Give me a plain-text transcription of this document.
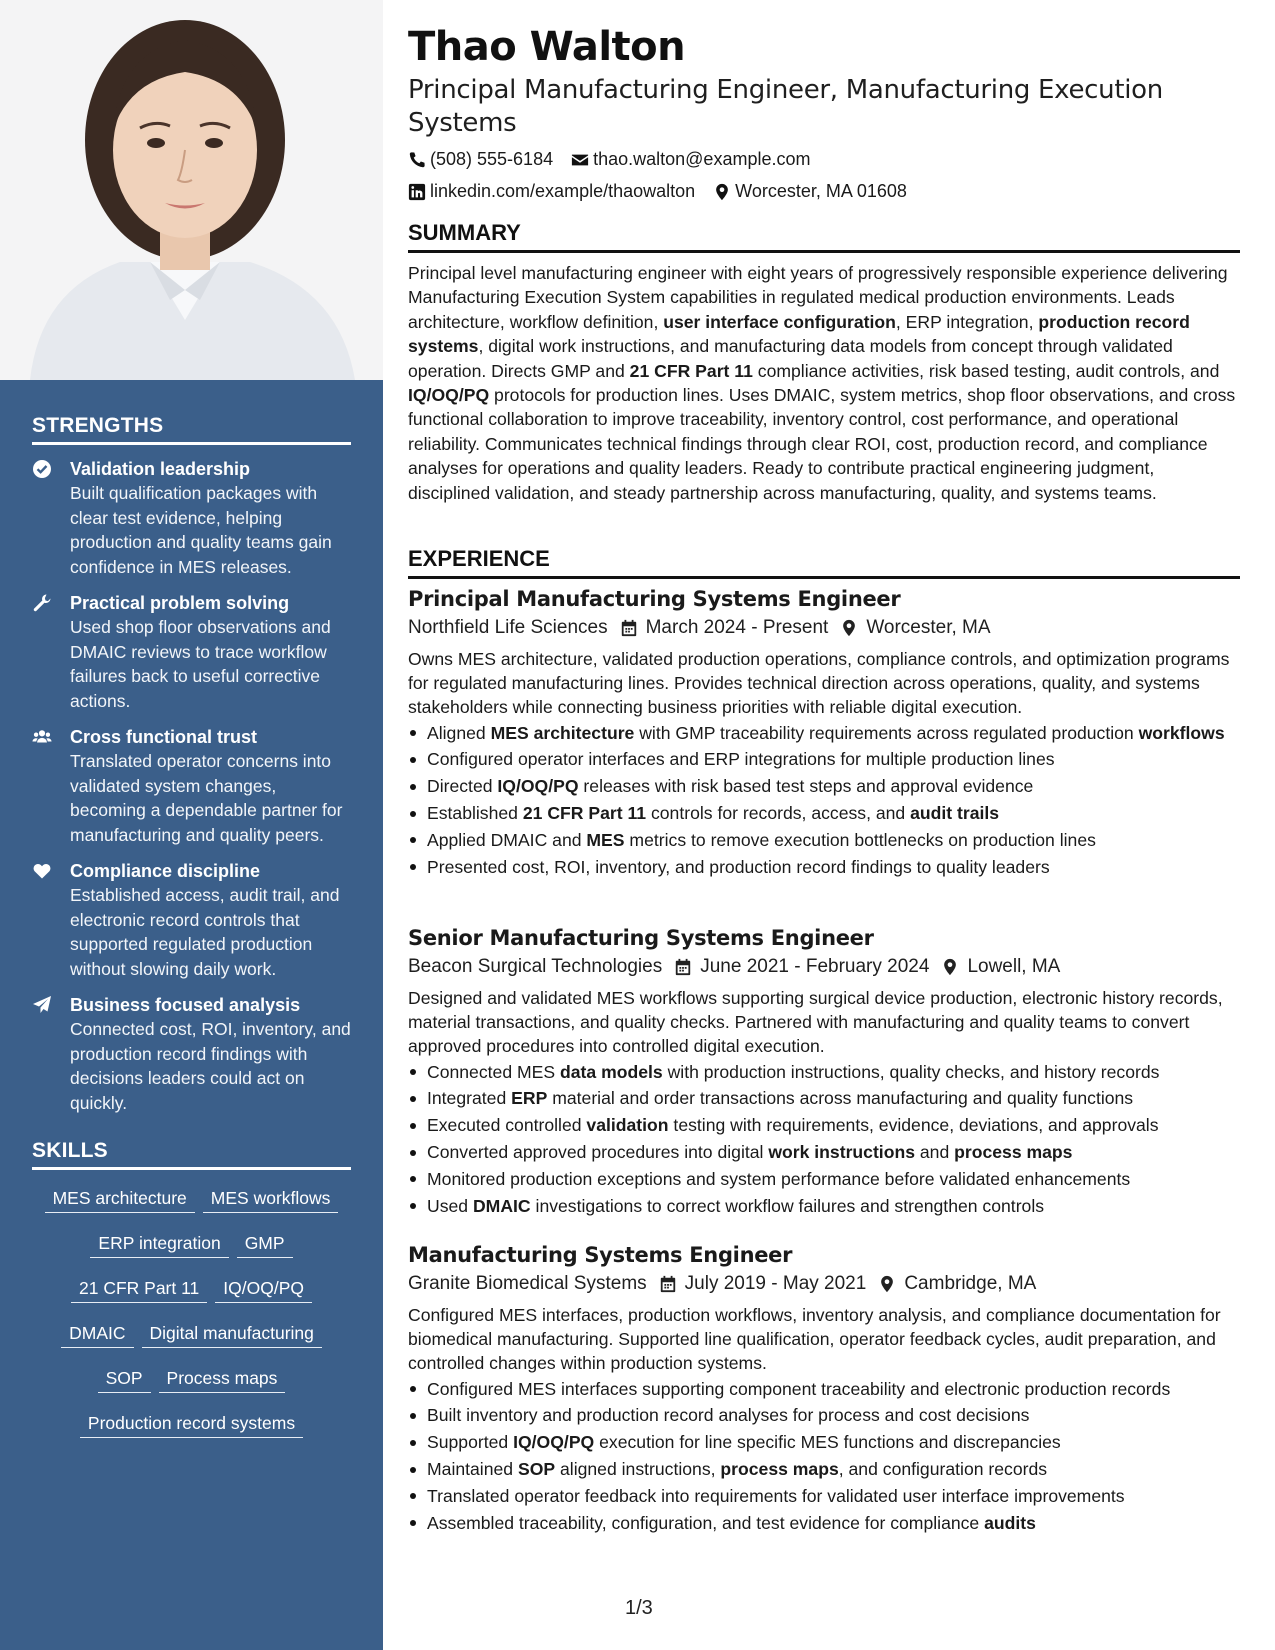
STRENGTHS
Validation leadership
Built qualification packages with clear test evidence, helping production and quality teams gain confidence in MES releases.
Practical problem solving
Used shop floor observations and DMAIC reviews to trace workflow failures back to useful corrective actions.
Cross functional trust
Translated operator concerns into validated system changes, becoming a dependable partner for manufacturing and quality peers.
Compliance discipline
Established access, audit trail, and electronic record controls that supported regulated production without slowing daily work.
Business focused analysis
Connected cost, ROI, inventory, and production record findings with decisions leaders could act on quickly.
SKILLS
MES architecture	MES workflows
ERP integration	GMP
21 CFR Part 11	IQ/OQ/PQ
DMAIC	Digital manufacturing
SOP	Process maps
Production record systems
Thao Walton
Principal Manufacturing Engineer, Manufacturing Execution Systems
(508) 555-6184 thao.walton@example.com
linkedin.com/example/thaowalton Worcester, MA 01608
SUMMARY
Principal level manufacturing engineer with eight years of progressively responsible experience delivering Manufacturing Execution System capabilities in regulated medical production environments. Leads architecture, workflow definition, user interface configuration, ERP integration, production record systems, digital work instructions, and manufacturing data models from concept through validated operation. Directs GMP and 21 CFR Part 11 compliance activities, risk based testing, audit controls, and IQ/OQ/PQ protocols for production lines. Uses DMAIC, system metrics, shop floor observations, and cross functional collaboration to improve traceability, inventory control, cost performance, and operational reliability. Communicates technical findings through clear ROI, cost, production record, and compliance analyses for operations and quality leaders. Ready to contribute practical engineering judgment, disciplined validation, and steady partnership across manufacturing, quality, and systems teams.
EXPERIENCE
Principal Manufacturing Systems Engineer
Northfield Life Sciences March 2024 - Present Worcester, MA
Owns MES architecture, validated production operations, compliance controls, and optimization programs for regulated manufacturing lines. Provides technical direction across operations, quality, and systems stakeholders while connecting business priorities with reliable digital execution.
Aligned MES architecture with GMP traceability requirements across regulated production workflows
Configured operator interfaces and ERP integrations for multiple production lines
Directed IQ/OQ/PQ releases with risk based test steps and approval evidence
Established 21 CFR Part 11 controls for records, access, and audit trails
Applied DMAIC and MES metrics to remove execution bottlenecks on production lines
Presented cost, ROI, inventory, and production record findings to quality leaders
Senior Manufacturing Systems Engineer
Beacon Surgical Technologies June 2021 - February 2024 Lowell, MA
Designed and validated MES workflows supporting surgical device production, electronic history records, material transactions, and quality checks. Partnered with manufacturing and quality teams to convert approved procedures into controlled digital execution.
Connected MES data models with production instructions, quality checks, and history records
Integrated ERP material and order transactions across manufacturing and quality functions
Executed controlled validation testing with requirements, evidence, deviations, and approvals
Converted approved procedures into digital work instructions and process maps
Monitored production exceptions and system performance before validated enhancements
Used DMAIC investigations to correct workflow failures and strengthen controls
Manufacturing Systems Engineer
Granite Biomedical Systems July 2019 - May 2021 Cambridge, MA
Configured MES interfaces, production workflows, inventory analysis, and compliance documentation for biomedical manufacturing. Supported line qualification, operator feedback cycles, audit preparation, and controlled changes within production systems.
Configured MES interfaces supporting component traceability and electronic production records
Built inventory and production record analyses for process and cost decisions
Supported IQ/OQ/PQ execution for line specific MES functions and discrepancies
Maintained SOP aligned instructions, process maps, and configuration records
Translated operator feedback into requirements for validated user interface improvements
Assembled traceability, configuration, and test evidence for compliance audits
1/3
